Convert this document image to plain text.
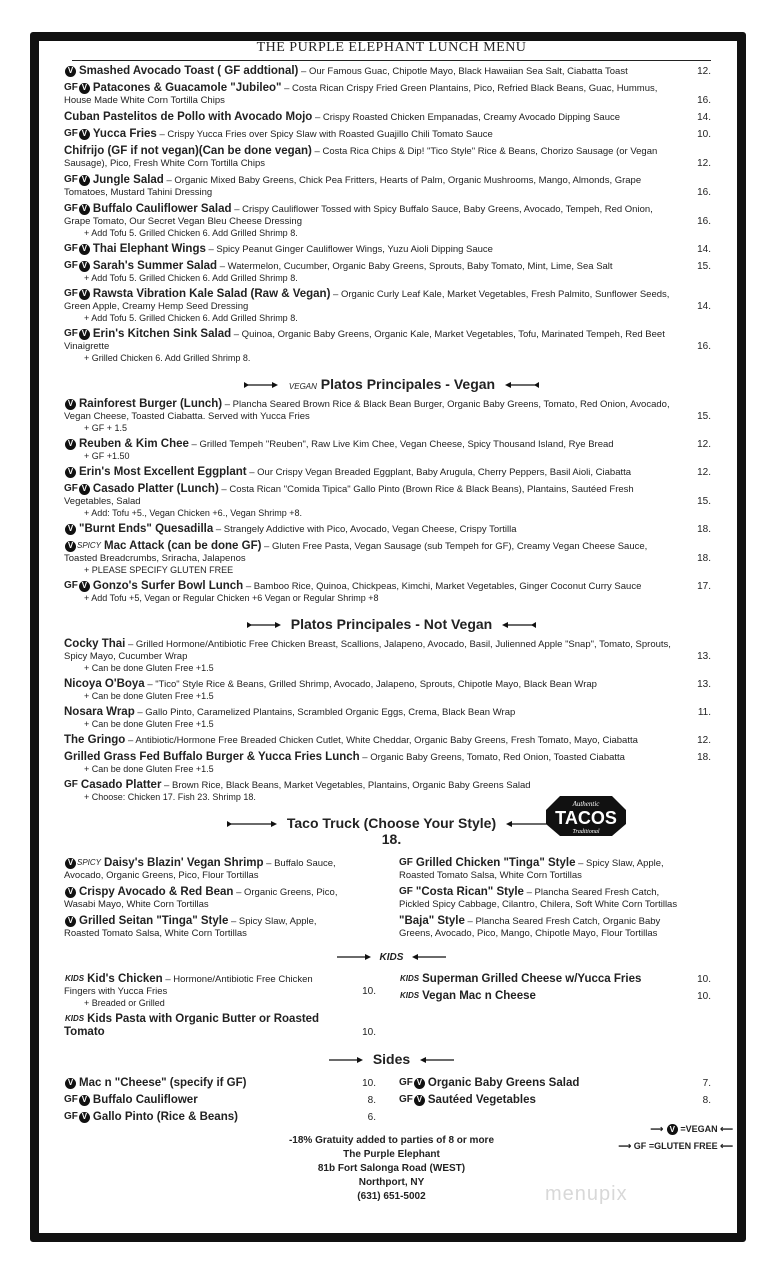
THE PURPLE ELEPHANT LUNCH MENU
V Smashed Avocado Toast ( GF addtional) – Our Famous Guac, Chipotle Mayo, Black Hawaiian Sea Salt, Ciabatta Toast	12.
GF V Patacones & Guacamole "Jubileo" – Costa Rican Crispy Fried Green Plantains, Pico, Refried Black Beans, Guac, Hummus, House Made White Corn Tortilla Chips	16.
Cuban Pastelitos de Pollo with Avocado Mojo – Crispy Roasted Chicken Empanadas, Creamy Avocado Dipping Sauce	14.
GF V Yucca Fries – Crispy Yucca Fries over Spicy Slaw with Roasted Guajillo Chili Tomato Sauce	10.
Chifrijo (GF if not vegan)(Can be done vegan) – Costa Rica Chips & Dip! "Tico Style" Rice & Beans, Chorizo Sausage (or Vegan Sausage), Pico, Fresh White Corn Tortilla Chips	12.
GF V Jungle Salad – Organic Mixed Baby Greens, Chick Pea Fritters, Hearts of Palm, Organic Mushrooms, Mango, Almonds, Grape Tomatoes, Mustard Tahini Dressing	16.
GF V Buffalo Cauliflower Salad – Crispy Cauliflower Tossed with Spicy Buffalo Sauce, Baby Greens, Avocado, Tempeh, Red Onion, Grape Tomato, Our Secret Vegan Bleu Cheese Dressing	16.
+ Add Tofu 5. Grilled Chicken 6. Add Grilled Shrimp 8.
GF V Thai Elephant Wings – Spicy Peanut Ginger Cauliflower Wings, Yuzu Aioli Dipping Sauce	14.
GF V Sarah's Summer Salad – Watermelon, Cucumber, Organic Baby Greens, Sprouts, Baby Tomato, Mint, Lime, Sea Salt	15.
+ Add Tofu 5. Grilled Chicken 6. Add Grilled Shrimp 8.
GF V Rawsta Vibration Kale Salad (Raw & Vegan) – Organic Curly Leaf Kale, Market Vegetables, Fresh Palmito, Sunflower Seeds, Green Apple, Creamy Hemp Seed Dressing	14.
+ Add Tofu 5. Grilled Chicken 6. Add Grilled Shrimp 8.
GF V Erin's Kitchen Sink Salad – Quinoa, Organic Baby Greens, Organic Kale, Market Vegetables, Tofu, Marinated Tempeh, Red Beet Vinaigrette	16.
+ Grilled Chicken 6. Add Grilled Shrimp 8.
VEGAN Platos Principales - Vegan
V Rainforest Burger (Lunch) – Plancha Seared Brown Rice & Black Bean Burger, Organic Baby Greens, Tomato, Red Onion, Avocado, Vegan Cheese, Toasted Ciabatta. Served with Yucca Fries	15.
+ GF + 1.5
V Reuben & Kim Chee – Grilled Tempeh "Reuben", Raw Live Kim Chee, Vegan Cheese, Spicy Thousand Island, Rye Bread	12.
+ GF +1.50
V Erin's Most Excellent Eggplant – Our Crispy Vegan Breaded Eggplant, Baby Arugula, Cherry Peppers, Basil Aioli, Ciabatta	12.
GF V Casado Platter (Lunch) – Costa Rican "Comida Tipica" Gallo Pinto (Brown Rice & Black Beans), Plantains, Sautéed Fresh Vegetables, Salad	15.
+ Add: Tofu +5., Vegan Chicken +6., Vegan Shrimp +8.
V "Burnt Ends" Quesadilla – Strangely Addictive with Pico, Avocado, Vegan Cheese, Crispy Tortilla	18.
V SPICY Mac Attack (can be done GF) – Gluten Free Pasta, Vegan Sausage (sub Tempeh for GF), Creamy Vegan Cheese Sauce, Toasted Breadcrumbs, Sriracha, Jalapenos	18.
+ PLEASE SPECIFY GLUTEN FREE
GF V Gonzo's Surfer Bowl Lunch – Bamboo Rice, Quinoa, Chickpeas, Kimchi, Market Vegetables, Ginger Coconut Curry Sauce	17.
+ Add Tofu +5, Vegan or Regular Chicken +6 Vegan or Regular Shrimp +8
Platos Principales - Not Vegan
Cocky Thai – Grilled Hormone/Antibiotic Free Chicken Breast, Scallions, Jalapeno, Avocado, Basil, Julienned Apple "Snap", Tomato, Sprouts, Spicy Mayo, Cucumber Wrap	13.
+ Can be done Gluten Free +1.5
Nicoya O'Boya – "Tico" Style Rice & Beans, Grilled Shrimp, Avocado, Jalapeno, Sprouts, Chipotle Mayo, Black Bean Wrap	13.
+ Can be done Gluten Free +1.5
Nosara Wrap – Gallo Pinto, Caramelized Plantains, Scrambled Organic Eggs, Crema, Black Bean Wrap	11.
+ Can be done Gluten Free +1.5
The Gringo – Antibiotic/Hormone Free Breaded Chicken Cutlet, White Cheddar, Organic Baby Greens, Fresh Tomato, Mayo, Ciabatta	12.
Grilled Grass Fed Buffalo Burger & Yucca Fries Lunch – Organic Baby Greens, Tomato, Red Onion, Toasted Ciabatta	18.
+ Can be done Gluten Free +1.5
GF Casado Platter – Brown Rice, Black Beans, Market Vegetables, Plantains, Organic Baby Greens Salad
+ Choose: Chicken 17. Fish 23. Shrimp 18.
Taco Truck (Choose Your Style)
18.
V SPICY Daisy's Blazin' Vegan Shrimp – Buffalo Sauce, Avocado, Organic Greens, Pico, Flour Tortillas
V Crispy Avocado & Red Bean – Organic Greens, Pico, Wasabi Mayo, White Corn Tortillas
V Grilled Seitan "Tinga" Style – Spicy Slaw, Apple, Roasted Tomato Salsa, White Corn Tortillas
GF Grilled Chicken "Tinga" Style – Spicy Slaw, Apple, Roasted Tomato Salsa, White Corn Tortillas
GF "Costa Rican" Style – Plancha Seared Fresh Catch, Pickled Spicy Cabbage, Cilantro, Chilera, Soft White Corn Tortillas
"Baja" Style – Plancha Seared Fresh Catch, Organic Baby Greens, Avocado, Pico, Mango, Chipotle Mayo, Flour Tortillas
KIDS
KIDS Kid's Chicken – Hormone/Antibiotic Free Chicken Fingers with Yucca Fries	10.
+ Breaded or Grilled
KIDS Kids Pasta with Organic Butter or Roasted Tomato	10.
KIDS Superman Grilled Cheese w/Yucca Fries	10.
KIDS Vegan Mac n Cheese	10.
Sides
V Mac n "Cheese" (specify if GF)	10.
GF V Buffalo Cauliflower	8.
GF V Gallo Pinto (Rice & Beans)	6.
GF V Organic Baby Greens Salad	7.
GF V Sautéed Vegetables	8.
-18% Gratuity added to parties of 8 or more
The Purple Elephant
81b Fort Salonga Road (WEST)
Northport, NY
(631) 651-5002
⟶ V =VEGAN ⟵
⟶ GF =GLUTEN FREE ⟵
Authentic
TACOS
Traditional
menupix
